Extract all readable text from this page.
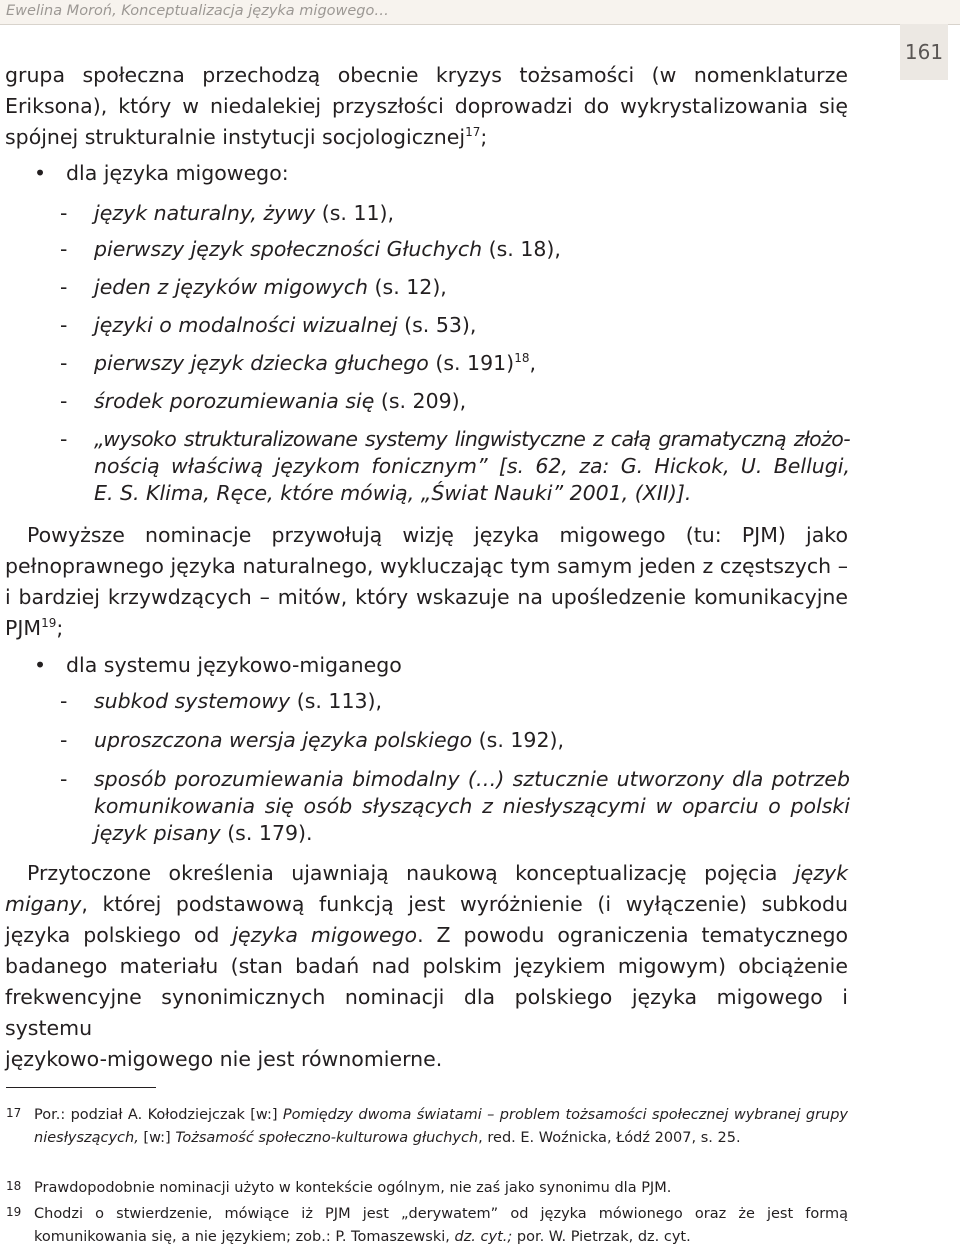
Ewelina Moroń, Konceptualizacja języka migowego…
161
grupa społeczna przechodzą obecnie kryzys tożsamości (w nomenklaturze
Eriksona), który w niedalekiej przyszłości doprowadzi do wykrystalizowania się
spójnej strukturalnie instytucji socjologicznej$^{17}$;
• dla języka migowego:
- język naturalny, żywy (s. 11),
- pierwszy język społeczności Głuchych (s. 18),
- jeden z języków migowych (s. 12),
- języki o modalności wizualnej (s. 53),
- pierwszy język dziecka głuchego (s. 191)$^{18}$,
- środek porozumiewania się (s. 209),
- „wysoko strukturalizowane systemy lingwistyczne z całą gramatyczną złożo-
nością właściwą językom fonicznym” [s. 62, za: G. Hickok, U. Bellugi,
E. S. Klima, Ręce, które mówią, „Świat Nauki” 2001, (XII)].
Powyższe nominacje przywołują wizję języka migowego (tu: PJM) jako
pełnoprawnego języka naturalnego, wykluczając tym samym jeden z częstszych –
i bardziej krzywdzących – mitów, który wskazuje na upośledzenie komunikacyjne
PJM$^{19}$;
• dla systemu językowo-miganego
- subkod systemowy (s. 113),
- uproszczona wersja języka polskiego (s. 192),
- sposób porozumiewania bimodalny (…) sztucznie utworzony dla potrzeb
komunikowania się osób słyszących z niesłyszącymi w oparciu o polski
język pisany (s. 179).
Przytoczone określenia ujawniają naukową konceptualizację pojęcia język
migany, której podstawową funkcją jest wyróżnienie (i wyłączenie) subkodu
języka polskiego od języka migowego. Z powodu ograniczenia tematycznego
badanego materiału (stan badań nad polskim językiem migowym) obciążenie
frekwencyjne synonimicznych nominacji dla polskiego języka migowego i systemu
językowo-migowego nie jest równomierne.
17 Por.: podział A. Kołodziejczak [w:] Pomiędzy dwoma światami – problem tożsamości społecznej wybranej grupy niesłyszących, [w:] Tożsamość społeczno-kulturowa głuchych, red. E. Woźnicka, Łódź 2007, s. 25.
18 Prawdopodobnie nominacji użyto w kontekście ogólnym, nie zaś jako synonimu dla PJM.
19 Chodzi o stwierdzenie, mówiące iż PJM jest „derywatem” od języka mówionego oraz że jest formą komunikowania się, a nie językiem; zob.: P. Tomaszewski, dz. cyt.; por. W. Pietrzak, dz. cyt.
